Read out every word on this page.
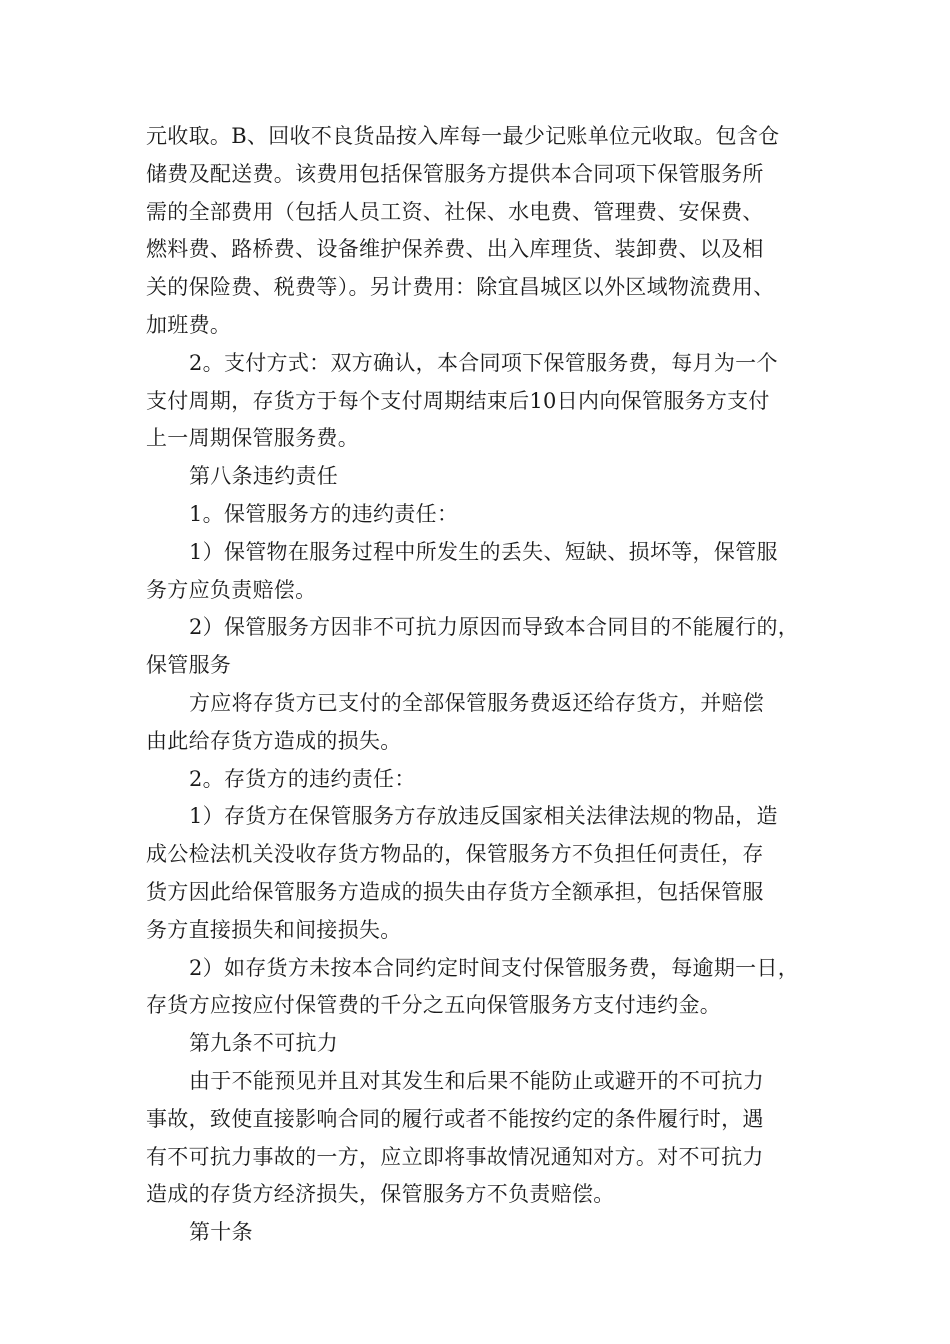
元收取。B、回收不良货品按入库每一最少记账单位元收取。包含仓
储费及配送费。该费用包括保管服务方提供本合同项下保管服务所
需的全部费用（包括人员工资、社保、水电费、管理费、安保费、
燃料费、路桥费、设备维护保养费、出入库理货、装卸费、以及相
关的保险费、税费等）。另计费用：除宜昌城区以外区域物流费用、
加班费。
2。支付方式：双方确认，本合同项下保管服务费，每月为一个
支付周期，存货方于每个支付周期结束后10日内向保管服务方支付
上一周期保管服务费。
第八条违约责任
1。保管服务方的违约责任：
1）保管物在服务过程中所发生的丢失、短缺、损坏等，保管服
务方应负责赔偿。
2）保管服务方因非不可抗力原因而导致本合同目的不能履行的，
保管服务
方应将存货方已支付的全部保管服务费返还给存货方，并赔偿
由此给存货方造成的损失。
2。存货方的违约责任：
1）存货方在保管服务方存放违反国家相关法律法规的物品，造
成公检法机关没收存货方物品的，保管服务方不负担任何责任，存
货方因此给保管服务方造成的损失由存货方全额承担，包括保管服
务方直接损失和间接损失。
2）如存货方未按本合同约定时间支付保管服务费，每逾期一日，
存货方应按应付保管费的千分之五向保管服务方支付违约金。
第九条不可抗力
由于不能预见并且对其发生和后果不能防止或避开的不可抗力
事故，致使直接影响合同的履行或者不能按约定的条件履行时，遇
有不可抗力事故的一方，应立即将事故情况通知对方。对不可抗力
造成的存货方经济损失，保管服务方不负责赔偿。
第十条
